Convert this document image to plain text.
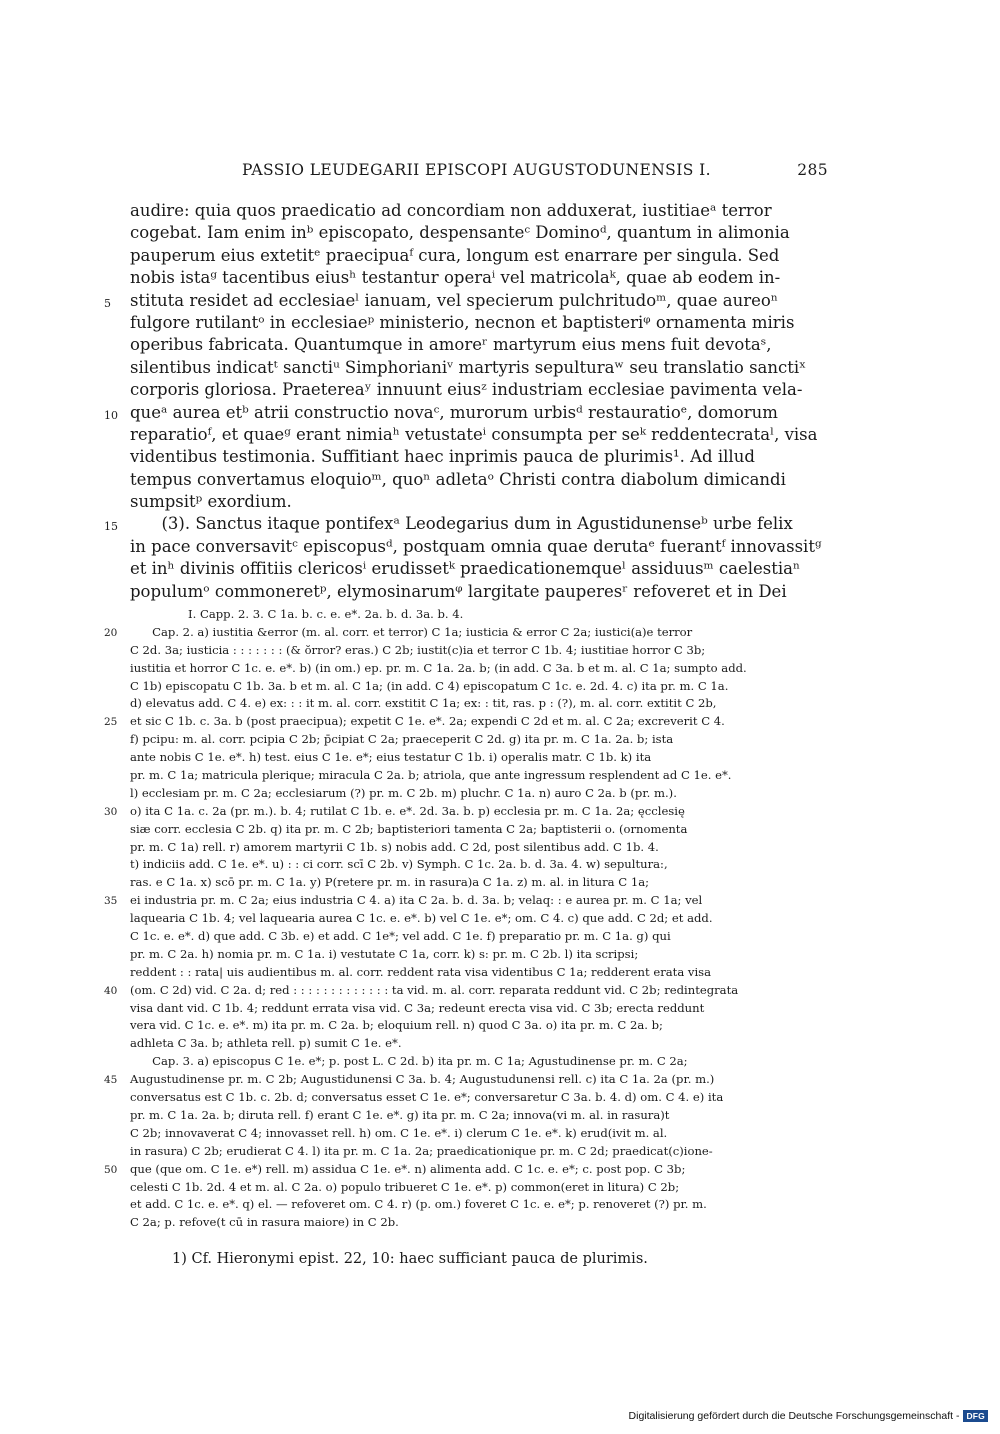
PASSIO LEUDEGARII EPISCOPI AUGUSTODUNENSIS I.	285
audire: quia quos praedicatio ad concordiam non adduxerat, iustitiaeᵃ terror
cogebat. Iam enim inᵇ episcopato, despensanteᶜ Dominoᵈ, quantum in alimonia
pauperum eius extetitᵉ praecipuaᶠ cura, longum est enarrare per singula. Sed
nobis istaᵍ tacentibus eiusʰ testantur operaⁱ vel matricolaᵏ, quae ab eodem in-
5 stituta residet ad ecclesiaeˡ ianuam, vel specierum pulchritudoᵐ, quae aureoⁿ
fulgore rutilantᵒ in ecclesiaeᵖ ministerio, necnon et baptisteriᵠ ornamenta miris
operibus fabricata. Quantumque in amoreʳ martyrum eius mens fuit devotaˢ,
silentibus indicatᵗ sanctiᵘ Simphorianiᵛ martyris sepulturaʷ seu translatio sanctiˣ
corporis gloriosa. Praetereaʸ innuunt eiusᶻ industriam ecclesiae pavimenta vela-
10 queᵃ aurea etᵇ atrii constructio novaᶜ, murorum urbisᵈ restauratioᵉ, domorum
reparatioᶠ, et quaeᵍ erant nimiaʰ vetustateⁱ consumpta per seᵏ reddentecrataˡ, visa
videntibus testimonia. Suffitiant haec inprimis pauca de plurimis¹. Ad illud
tempus convertamus eloquioᵐ, quoⁿ adletaᵒ Christi contra diabolum dimicandi
sumpsitᵖ exordium.
15 (3). Sanctus itaque pontifexᵃ Leodegarius dum in Agustidunenseᵇ urbe felix
in pace conversavitᶜ episcopusᵈ, postquam omnia quae derutaᵉ fuerantᶠ innovassitᵍ
et inʰ divinis offitiis clericosⁱ erudissetᵏ praedicationemqueˡ assiduusᵐ caelestiaⁿ
populumᵒ commoneretᵖ, elymosinarumᵠ largitate pauperesʳ refoveret et in Dei
I. Capp. 2. 3. C 1a. b. c. e. e*. 2a. b. d. 3a. b. 4.
20 Cap. 2. a) iustitia &error (m. al. corr. et terror) C 1a; iusticia & error C 2a; iustici(a)e terror
C 2d. 3a; iusticia : : : : : : : (& ŏrror? eras.) C 2b; iustit(c)ia et terror C 1b. 4; iustitiae horror C 3b;
iustitia et horror C 1c. e. e*. b) (in om.) ep. pr. m. C 1a. 2a. b; (in add. C 3a. b et m. al. C 1a; sumpto add.
C 1b) episcopatu C 1b. 3a. b et m. al. C 1a; (in add. C 4) episcopatum C 1c. e. 2d. 4. c) ita pr. m. C 1a.
d) elevatus add. C 4. e) ex: : : it m. al. corr. exstitit C 1a; ex: : tit, ras. p : (?), m. al. corr. extitit C 2b,
25 et sic C 1b. c. 3a. b (post praecipua); expetit C 1e. e*. 2a; expendi C 2d et m. al. C 2a; excreverit C 4.
f) pcipu: m. al. corr. pcipia C 2b; p̄cipiat C 2a; praeceperit C 2d. g) ita pr. m. C 1a. 2a. b; ista
ante nobis C 1e. e*. h) test. eius C 1e. e*; eius testatur C 1b. i) operalis matr. C 1b. k) ita
pr. m. C 1a; matricula plerique; miracula C 2a. b; atriola, que ante ingressum resplendent ad C 1e. e*.
l) ecclesiam pr. m. C 2a; ecclesiarum (?) pr. m. C 2b. m) pluchr. C 1a. n) auro C 2a. b (pr. m.).
30 o) ita C 1a. c. 2a (pr. m.). b. 4; rutilat C 1b. e. e*. 2d. 3a. b. p) ecclesia pr. m. C 1a. 2a; ęcclesię
siæ corr. ecclesia C 2b. q) ita pr. m. C 2b; baptisteriori tamenta C 2a; baptisterii o. (ornomenta
pr. m. C 1a) rell. r) amorem martyrii C 1b. s) nobis add. C 2d, post silentibus add. C 1b. 4.
t) indiciis add. C 1e. e*. u) : : ci corr. scī C 2b. v) Symph. C 1c. 2a. b. d. 3a. 4. w) sepultura:,
ras. e C 1a. x) scō pr. m. C 1a. y) P(retere pr. m. in rasura)a C 1a. z) m. al. in litura C 1a;
35 ei industria pr. m. C 2a; eius industria C 4. a) ita C 2a. b. d. 3a. b; velaq: : e aurea pr. m. C 1a; vel
laquearia C 1b. 4; vel laquearia aurea C 1c. e. e*. b) vel C 1e. e*; om. C 4. c) que add. C 2d; et add.
C 1c. e. e*. d) que add. C 3b. e) et add. C 1e*; vel add. C 1e. f) preparatio pr. m. C 1a. g) qui
pr. m. C 2a. h) nomia pr. m. C 1a. i) vestutate C 1a, corr. k) s: pr. m. C 2b. l) ita scripsi;
reddent : : rata| uis audientibus m. al. corr. reddent rata visa videntibus C 1a; redderent erata visa
40 (om. C 2d) vid. C 2a. d; red : : : : : : : : : : : : : ta vid. m. al. corr. reparata reddunt vid. C 2b; redintegrata
visa dant vid. C 1b. 4; reddunt errata visa vid. C 3a; redeunt erecta visa vid. C 3b; erecta reddunt
vera vid. C 1c. e. e*. m) ita pr. m. C 2a. b; eloquium rell. n) quod C 3a. o) ita pr. m. C 2a. b;
adhleta C 3a. b; athleta rell. p) sumit C 1e. e*.
Cap. 3. a) episcopus C 1e. e*; p. post L. C 2d. b) ita pr. m. C 1a; Agustudinense pr. m. C 2a;
45 Augustudinense pr. m. C 2b; Augustidunensi C 3a. b. 4; Augustudunensi rell. c) ita C 1a. 2a (pr. m.)
conversatus est C 1b. c. 2b. d; conversatus esset C 1e. e*; conversaretur C 3a. b. 4. d) om. C 4. e) ita
pr. m. C 1a. 2a. b; diruta rell. f) erant C 1e. e*. g) ita pr. m. C 2a; innova(vi m. al. in rasura)t
C 2b; innovaverat C 4; innovasset rell. h) om. C 1e. e*. i) clerum C 1e. e*. k) erud(ivit m. al.
in rasura) C 2b; erudierat C 4. l) ita pr. m. C 1a. 2a; praedicationique pr. m. C 2d; praedicat(c)ione-
50 que (que om. C 1e. e*) rell. m) assidua C 1e. e*. n) alimenta add. C 1c. e. e*; c. post pop. C 3b;
celesti C 1b. 2d. 4 et m. al. C 2a. o) populo tribueret C 1e. e*. p) common(eret in litura) C 2b;
et add. C 1c. e. e*. q) el. — refoveret om. C 4. r) (p. om.) foveret C 1c. e. e*; p. renoveret (?) pr. m.
C 2a; p. refove(t cū in rasura maiore) in C 2b.
1) Cf. Hieronymi epist. 22, 10: haec sufficiant pauca de plurimis.
Digitalisierung gefördert durch die Deutsche Forschungsgemeinschaft - DFG
